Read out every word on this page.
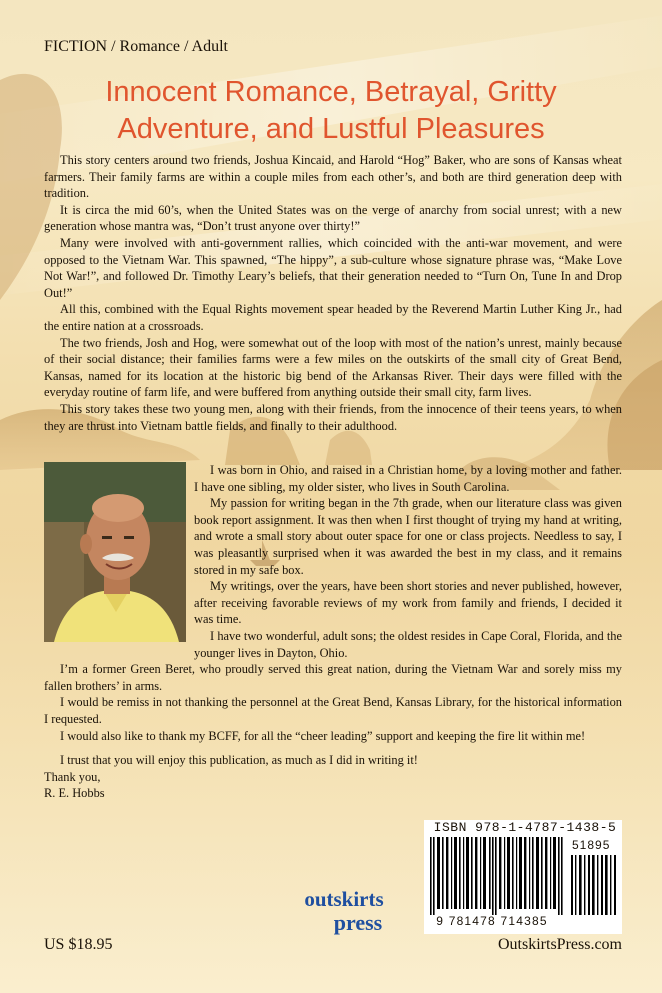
FICTION / Romance / Adult
Innocent Romance, Betrayal, Gritty
Adventure, and Lustful Pleasures

This story centers around two friends, Joshua Kincaid, and Harold “Hog” Baker, who are sons of Kansas wheat farmers. Their family farms are within a couple miles from each other’s, and both are third generation deep with tradition.

It is circa the mid 60’s, when the United States was on the verge of anarchy from social unrest; with a new generation whose mantra was, “Don’t trust anyone over thirty!”

Many were involved with anti-government rallies, which coincided with the anti-war movement, and were opposed to the Vietnam War. This spawned, “The hippy”, a sub-culture whose signature phrase was, “Make Love Not War!”, and followed Dr. Timothy Leary’s beliefs, that their generation needed to “Turn On, Tune In and Drop Out!”

All this, combined with the Equal Rights movement spear headed by the Reverend Martin Luther King Jr., had the entire nation at a crossroads.

The two friends, Josh and Hog, were somewhat out of the loop with most of the nation’s unrest, mainly because of their social distance; their families farms were a few miles on the outskirts of the small city of Great Bend, Kansas, named for its location at the historic big bend of the Arkansas River. Their days were filled with the everyday routine of farm life, and were buffered from anything outside their small city, farm lives.

This story takes these two young men, along with their friends, from the innocence of their teens years, to when they are thrust into Vietnam battle fields, and finally to their adulthood.

I was born in Ohio, and raised in a Christian home, by a loving mother and father. I have one sibling, my older sister, who lives in South Carolina.

My passion for writing began in the 7th grade, when our literature class was given book report assignment. It was then when I first thought of trying my hand at writing, and wrote a small story about outer space for one or class projects. Needless to say, I was pleasantly surprised when it was awarded the best in my class, and it remains stored in my safe box.

My writings, over the years, have been short stories and never published, however, after receiving favorable reviews of my work from family and friends, I decided it was time.

I have two wonderful, adult sons; the oldest resides in Cape Coral, Florida, and the younger lives in Dayton, Ohio.

I’m a former Green Beret, who proudly served this great nation, during the Vietnam War and sorely miss my fallen brothers’ in arms.

I would be remiss in not thanking the personnel at the Great Bend, Kansas Library, for the historical information I requested.

I would also like to thank my BCFF, for all the “cheer leading” support and keeping the fire lit within me!

I trust that you will enjoy this publication, as much as I did in writing it!

Thank you,

R. E. Hobbs

ISBN 978-1-4787-1438-5
51895
9 781478 714385
outskirts
press
US $18.95	OutskirtsPress.com
